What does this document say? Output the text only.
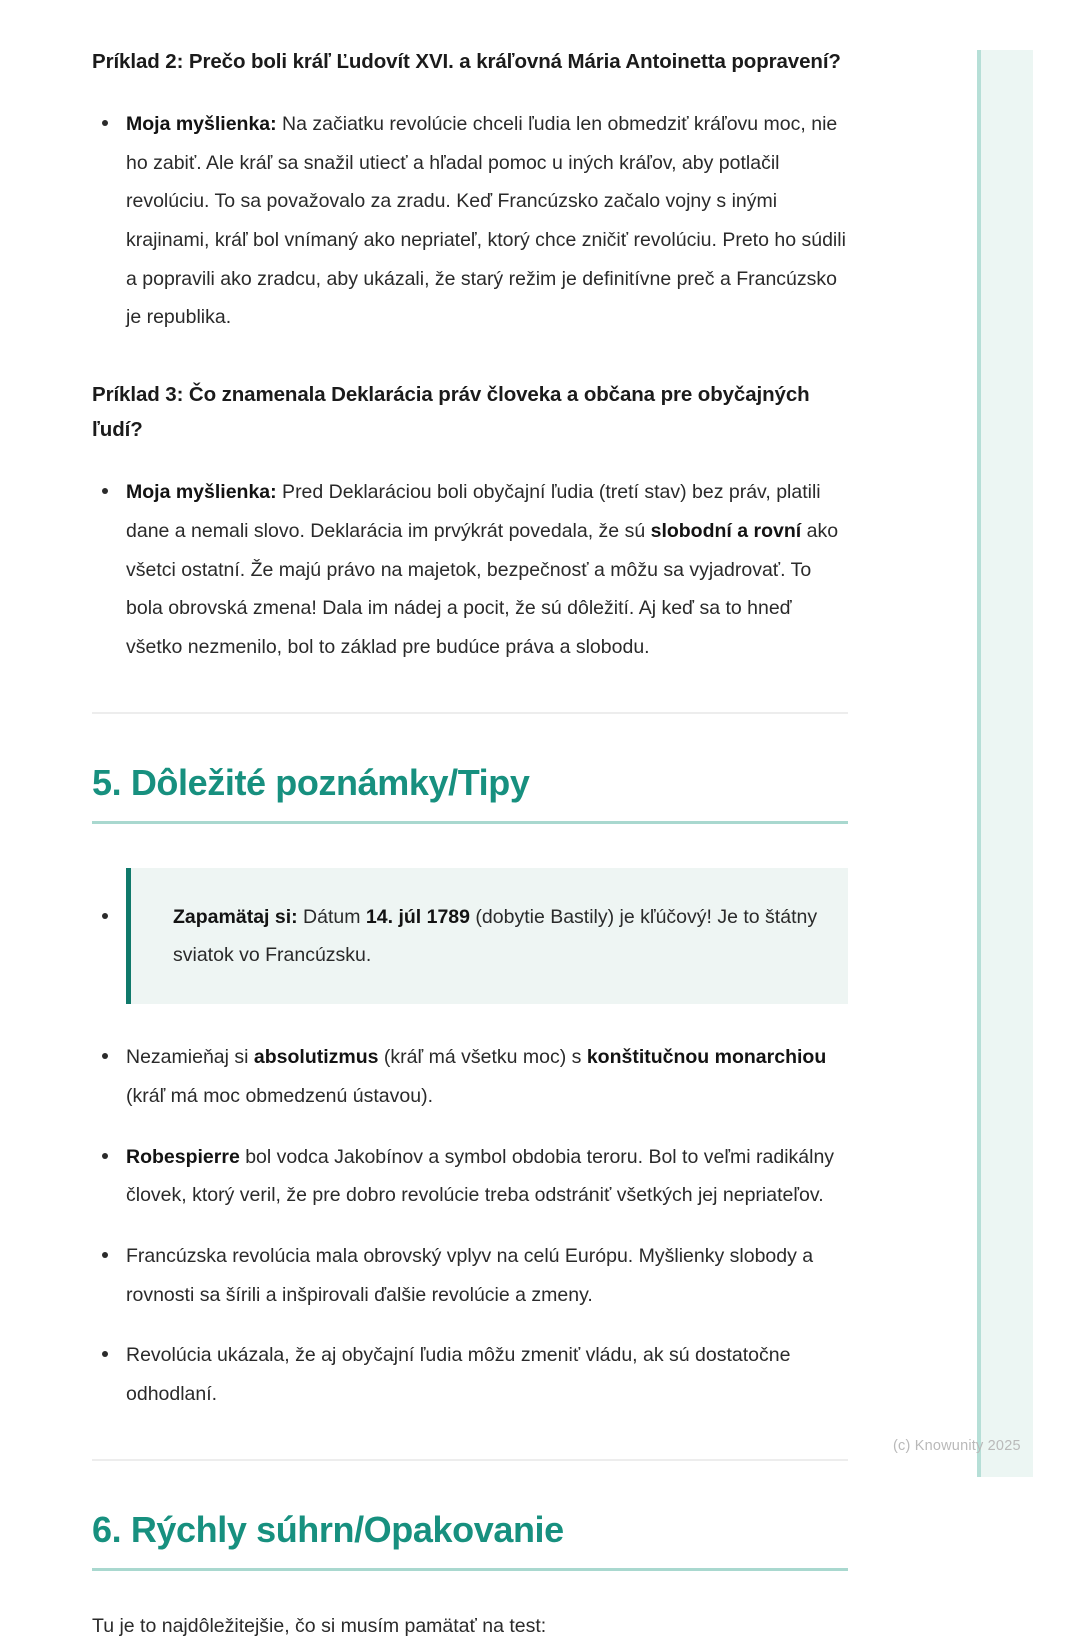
Príklad 2: Prečo boli kráľ Ľudovít XVI. a kráľovná Mária Antoinetta popravení?
Moja myšlienka: Na začiatku revolúcie chceli ľudia len obmedziť kráľovu moc, nie ho zabiť. Ale kráľ sa snažil utiecť a hľadal pomoc u iných kráľov, aby potlačil revolúciu. To sa považovalo za zradu. Keď Francúzsko začalo vojny s inými krajinami, kráľ bol vnímaný ako nepriateľ, ktorý chce zničiť revolúciu. Preto ho súdili a popravili ako zradcu, aby ukázali, že starý režim je definitívne preč a Francúzsko je republika.
Príklad 3: Čo znamenala Deklarácia práv človeka a občana pre obyčajných ľudí?
Moja myšlienka: Pred Deklaráciou boli obyčajní ľudia (tretí stav) bez práv, platili dane a nemali slovo. Deklarácia im prvýkrát povedala, že sú slobodní a rovní ako všetci ostatní. Že majú právo na majetok, bezpečnosť a môžu sa vyjadrovať. To bola obrovská zmena! Dala im nádej a pocit, že sú dôležití. Aj keď sa to hneď všetko nezmenilo, bol to základ pre budúce práva a slobodu.
5. Dôležité poznámky/Tipy
Zapamätaj si: Dátum 14. júl 1789 (dobytie Bastily) je kľúčový! Je to štátny sviatok vo Francúzsku.
Nezamieňaj si absolutizmus (kráľ má všetku moc) s konštitučnou monarchiou (kráľ má moc obmedzenú ústavou).
Robespierre bol vodca Jakobínov a symbol obdobia teroru. Bol to veľmi radikálny človek, ktorý veril, že pre dobro revolúcie treba odstrániť všetkých jej nepriateľov.
Francúzska revolúcia mala obrovský vplyv na celú Európu. Myšlienky slobody a rovnosti sa šírili a inšpirovali ďalšie revolúcie a zmeny.
Revolúcia ukázala, že aj obyčajní ľudia môžu zmeniť vládu, ak sú dostatočne odhodlaní.
6. Rýchly súhrn/Opakovanie

Tu je to najdôležitejšie, čo si musím pamätať na test:

(c) Knowunity 2025
